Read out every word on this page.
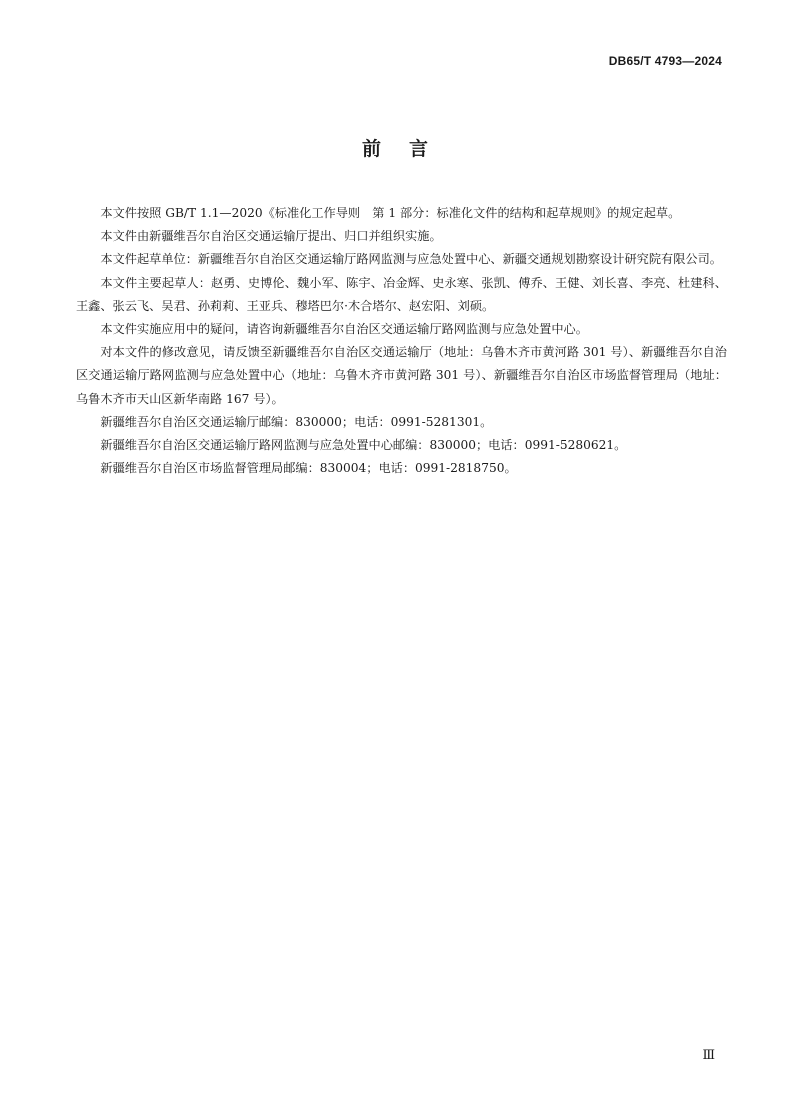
DB65/T 4793—2024
前言

本文件按照 GB/T 1.1—2020《标准化工作导则　第 1 部分：标准化文件的结构和起草规则》的规定起草。

本文件由新疆维吾尔自治区交通运输厅提出、归口并组织实施。

本文件起草单位：新疆维吾尔自治区交通运输厅路网监测与应急处置中心、新疆交通规划勘察设计研究院有限公司。

本文件主要起草人：赵勇、史博伦、魏小军、陈宇、冶金辉、史永寒、张凯、傅乔、王健、刘长喜、李亮、杜建科、王鑫、张云飞、吴君、孙莉莉、王亚兵、穆塔巴尔·木合塔尔、赵宏阳、刘硕。

本文件实施应用中的疑问，请咨询新疆维吾尔自治区交通运输厅路网监测与应急处置中心。

对本文件的修改意见，请反馈至新疆维吾尔自治区交通运输厅（地址：乌鲁木齐市黄河路 301 号）、新疆维吾尔自治区交通运输厅路网监测与应急处置中心（地址：乌鲁木齐市黄河路 301 号）、新疆维吾尔自治区市场监督管理局（地址：乌鲁木齐市天山区新华南路 167 号）。

新疆维吾尔自治区交通运输厅邮编：830000；电话：0991-5281301。

新疆维吾尔自治区交通运输厅路网监测与应急处置中心邮编：830000；电话：0991-5280621。

新疆维吾尔自治区市场监督管理局邮编：830004；电话：0991-2818750。

Ⅲ
